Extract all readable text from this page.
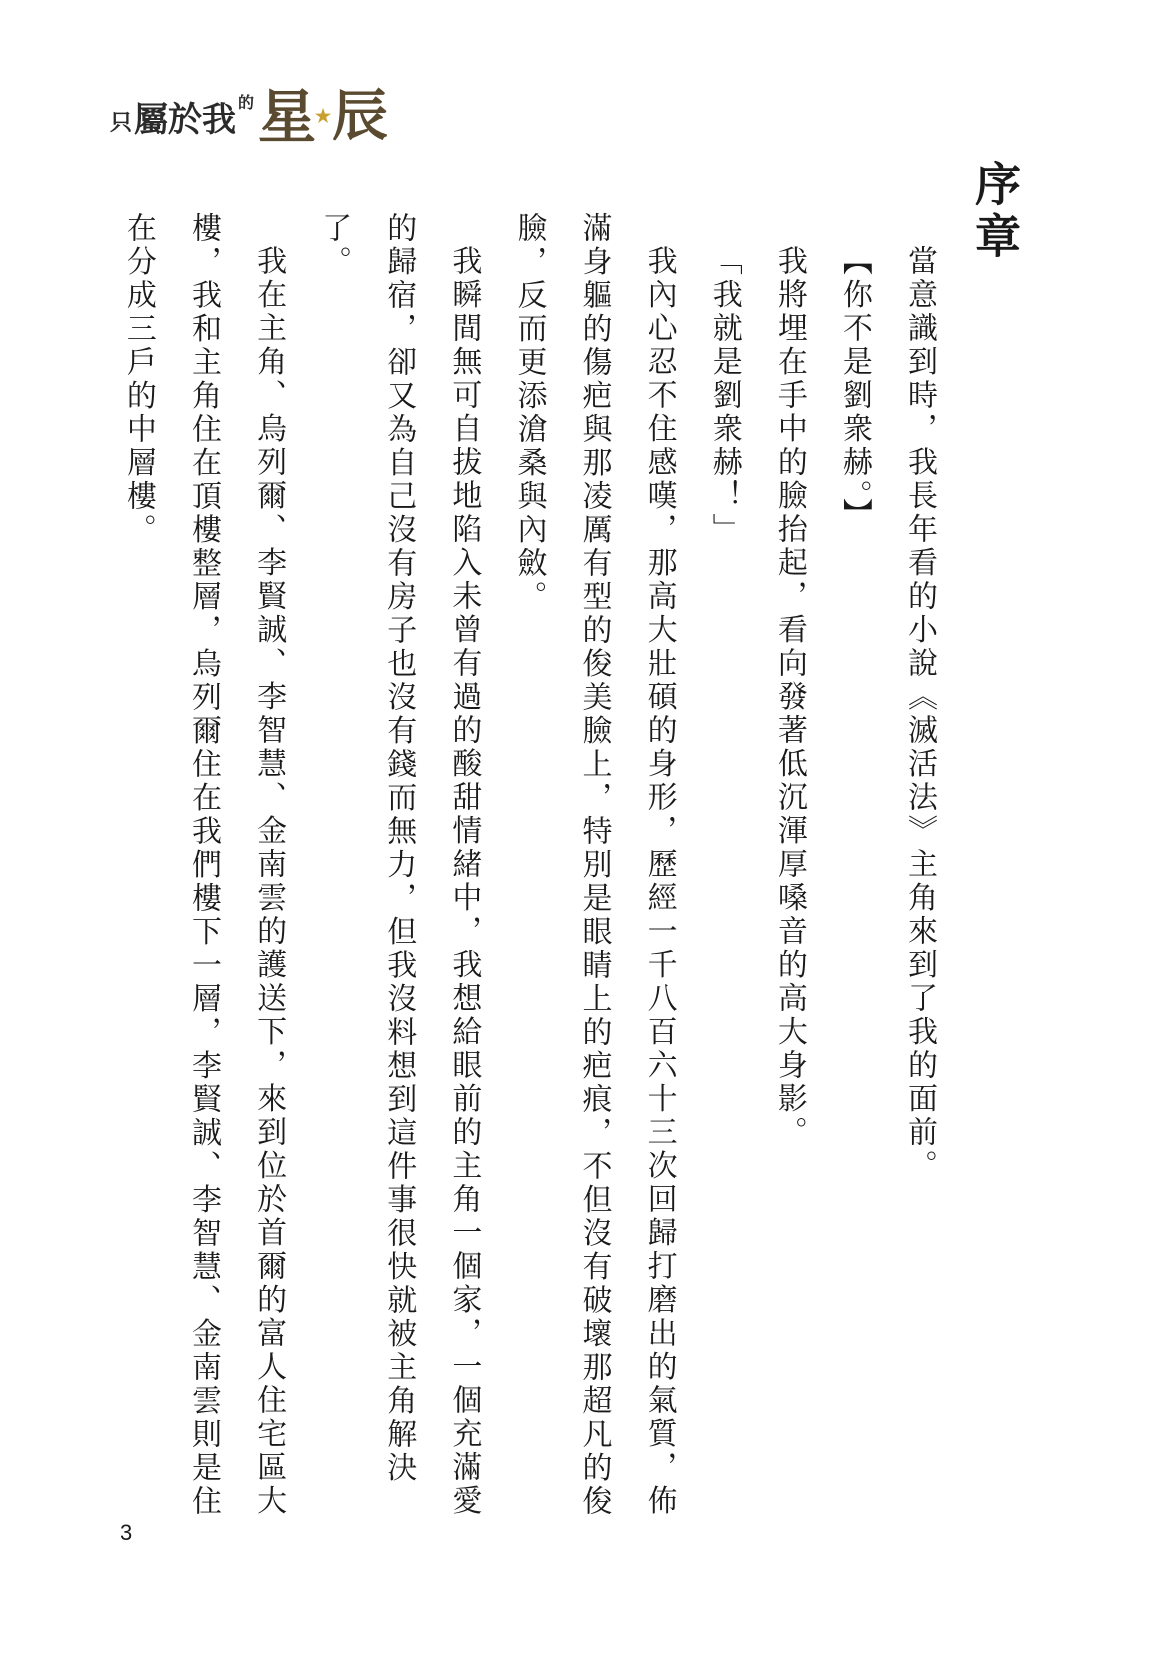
只 屬於我 的 星
★ 辰
序章

當意識到時，我長年看的小說《滅活法》主角來到了我的面前。

【你不是劉衆赫。】

我將埋在手中的臉抬起，看向發著低沉渾厚嗓音的高大身影。

「我就是劉衆赫！」

我內心忍不住感嘆，那高大壯碩的身形，歷經一千八百六十三次回歸打磨出的氣質，佈滿身軀的傷疤與那凌厲有型的俊美臉上，特別是眼睛上的疤痕，不但沒有破壞那超凡的俊臉，反而更添滄桑與內斂。

我瞬間無可自拔地陷入未曾有過的酸甜情緒中，我想給眼前的主角一個家，一個充滿愛的歸宿，卻又為自己沒有房子也沒有錢而無力，但我沒料想到這件事很快就被主角解決了。

我在主角、烏列爾、李賢誠、李智慧、金南雲的護送下，來到位於首爾的富人住宅區大樓，我和主角住在頂樓整層，烏列爾住在我們樓下一層，李賢誠、李智慧、金南雲則是住在分成三戶的中層樓。

3
